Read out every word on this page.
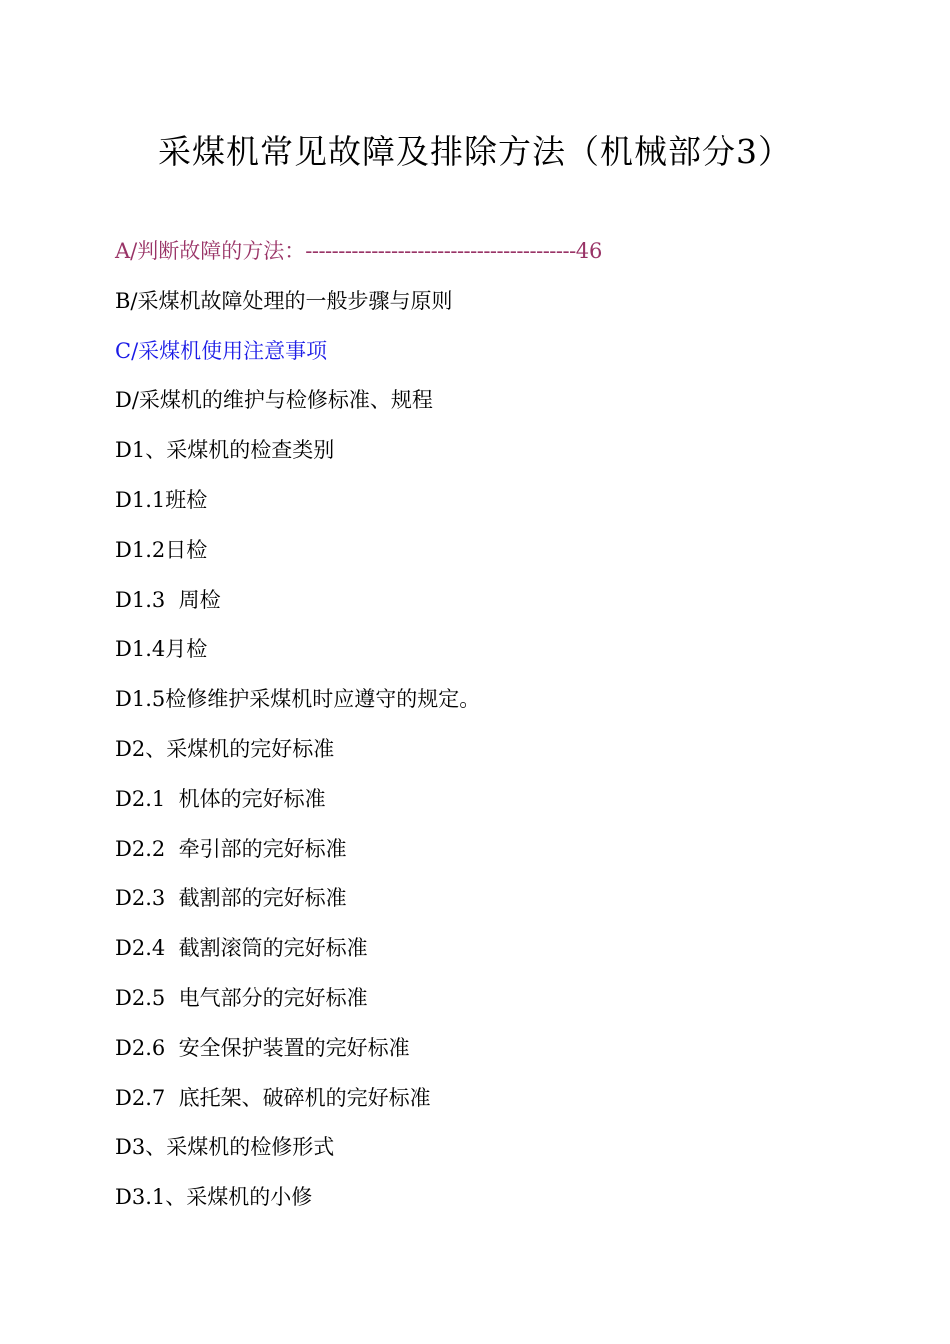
采煤机常见故障及排除方法（机械部分3）
A/ 判断故障的方法： ----------------------------------------- 46
B/ 采煤机故障处理的一般步骤与原则
C/ 采煤机使用注意事项
D/ 采煤机的维护与检修标准、规程
D1、 采煤机的检查类别
D1.1 班检
D1.2 日检
D1.3 周检
D1.4 月检
D1.5 检修维护采煤机时应遵守的规定。
D2、 采煤机的完好标准
D2.1 机体的完好标准
D2.2 牵引部的完好标准
D2.3 截割部的完好标准
D2.4 截割滚筒的完好标准
D2.5 电气部分的完好标准
D2.6 安全保护装置的完好标准
D2.7 底托架、破碎机的完好标准
D3、 采煤机的检修形式
D3.1、 采煤机的小修
